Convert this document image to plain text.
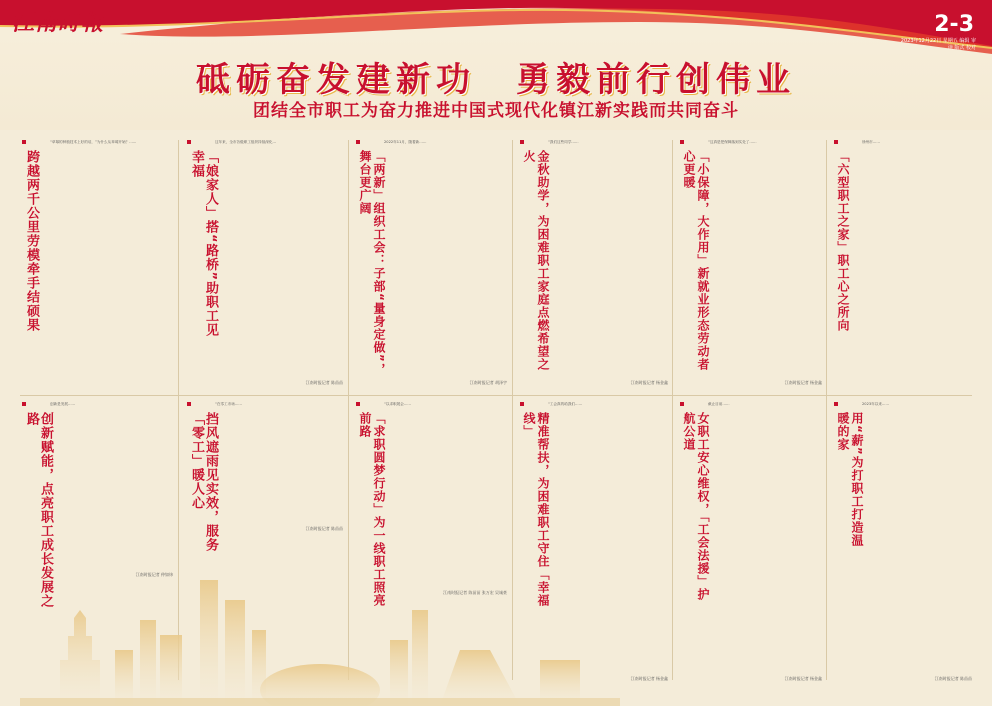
江南時報	2-3
2023年12月22日 星期五 编辑 审读 版式 校对
砥砺奋发建新功　勇毅前行创伟业
团结全市职工为奋力推进中国式现代化镇江新实践而共同奋斗
跨越两千公里劳模牵手结硕果
“草莓的种植技术上好的话，”为什么从草莓开始？……
「娘家人」搭“路桥”助职工见幸福
这年来，全市各级职工组织持续深化…
江南时报记者 陈苗苗
「两新」组织工会：子部“量身定做”，舞台更广阔
2022年11月，随着新……
江南时报记者 胡泽宇
金秋助学，为困难职工家庭点燃希望之火
“我们这些同学……
江南时报记者 杨金鑫
「小保障，大作用」新就业形态劳动者心更暖
“这真是把保障落到实处了……
江南时报记者 杨金鑫
「六型职工之家」职工心之所向
徐州市……
创新赋能，点亮职工成长发展之路
创新是发展……
江南时报记者 仲如炜
挡风遮雨见实效，服务「零工」暖人心
“在零工市场……
江南时报记者 陈苗苗	「求职圆梦行动」为一线职工照亮前路
“以求职展会……
江南时报记者 陈苗苗 张万宏 吴诚豪	精准帮扶，为困难职工守住「幸福线」
“工会真的给我们……
江南时报记者 杨金鑫
女职工安心维权，「工会法援」护航公道
截止目前……
江南时报记者 杨金鑫
用“薪”为打职工打造温暖的家
2023年以来……
江南时报记者 陈苗苗
